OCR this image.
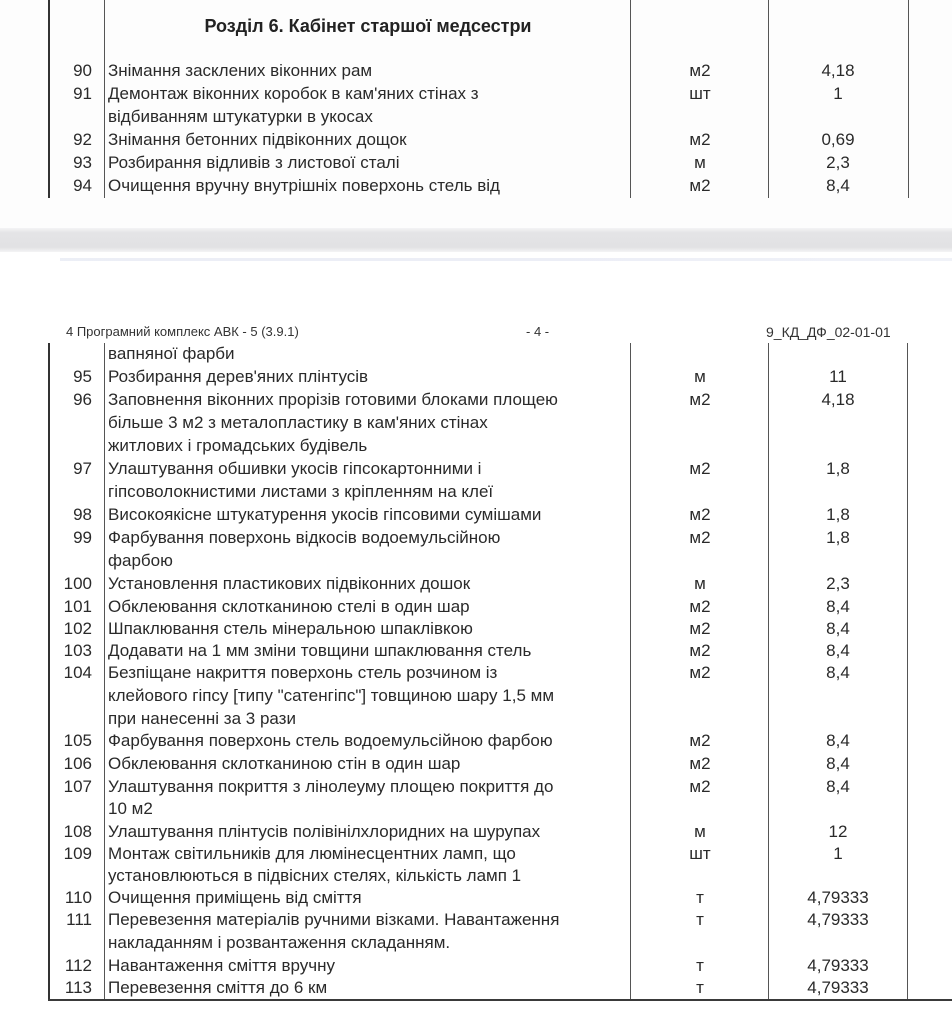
Розділ 6. Кабінет старшої медсестри
90 Знімання засклених віконних рам	м2	4,18
91 Демонтаж віконних коробок в кам'яних стінах з	шт	1
відбиванням штукатурки в укосах
92 Знімання бетонних підвіконних дощок	м2	0,69
93 Розбирання відливів з листової сталі	м	2,3
94 Очищення вручну внутрішніх поверхонь стель від	м2	8,4
4 Програмний комплекс АВК - 5 (3.9.1)	- 4 -	9_КД_ДФ_02-01-01
вапняної фарби
95 Розбирання дерев'яних плінтусів	м	11
96 Заповнення віконних прорізів готовими блоками площею	м2	4,18
більше 3 м2 з металопластику в кам'яних стінах
житлових і громадських будівель
97 Улаштування обшивки укосів гіпсокартонними і	м2	1,8
гіпсоволокнистими листами з кріпленням на клеї
98 Високоякісне штукатурення укосів гіпсовими сумішами	м2	1,8
99 Фарбування поверхонь відкосів водоемульсійною	м2	1,8
фарбою
100 Установлення пластикових підвіконних дошок	м	2,3
101 Обклеювання склотканиною стелі в один шар	м2	8,4
102 Шпаклювання стель мінеральною шпаклівкою	м2	8,4
103 Додавати на 1 мм зміни товщини шпаклювання стель	м2	8,4
104 Безпіщане накриття поверхонь стель розчином із	м2	8,4
клейового гіпсу [типу "сатенгіпс"] товщиною шару 1,5 мм
при нанесенні за 3 рази
105 Фарбування поверхонь стель водоемульсійною фарбою	м2	8,4
106 Обклеювання склотканиною стін в один шар	м2	8,4
107 Улаштування покриття з лінолеуму площею покриття до	м2	8,4
10 м2
108 Улаштування плінтусів полівінілхлоридних на шурупах	м	12
109 Монтаж світильників для люмінесцентних ламп, що	шт	1
установлюються в підвісних стелях, кількість ламп 1
110 Очищення приміщень від сміття	т	4,79333
111 Перевезення матеріалів ручними візками. Навантаження	т	4,79333
накладанням і розвантаження складанням.
112 Навантаження сміття вручну	т	4,79333
113 Перевезення сміття до 6 км	т	4,79333
